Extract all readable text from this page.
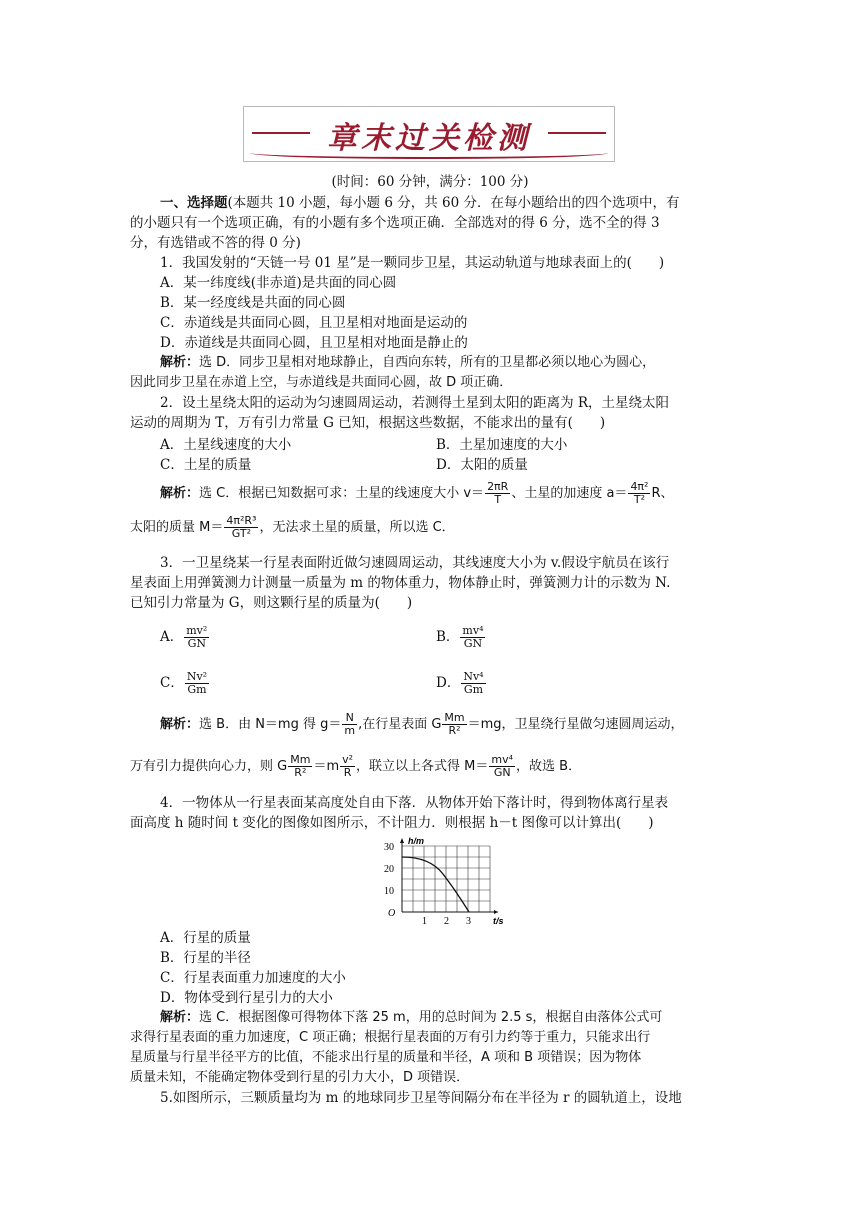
章末过关检测
(时间：60 分钟，满分：100 分)
一、选择题(本题共 10 小题，每小题 6 分，共 60 分．在每小题给出的四个选项中，有
的小题只有一个选项正确，有的小题有多个选项正确．全部选对的得 6 分，选不全的得 3
分，有选错或不答的得 0 分)
1．我国发射的“天链一号 01 星”是一颗同步卫星，其运动轨道与地球表面上的(　　)
A．某一纬度线(非赤道)是共面的同心圆
B．某一经度线是共面的同心圆
C．赤道线是共面同心圆，且卫星相对地面是运动的
D．赤道线是共面同心圆，且卫星相对地面是静止的
解析：选 D．同步卫星相对地球静止，自西向东转，所有的卫星都必须以地心为圆心，
因此同步卫星在赤道上空，与赤道线是共面同心圆，故 D 项正确．
2．设土星绕太阳的运动为匀速圆周运动，若测得土星到太阳的距离为 R，土星绕太阳
运动的周期为 T，万有引力常量 G 已知，根据这些数据，不能求出的量有(　　)
A．土星线速度的大小	B．土星加速度的大小
C．土星的质量	D．太阳的质量
解析：选 C．根据已知数据可求：土星的线速度大小 $v= \frac{2\pi R}{T}$ 、土星的加速度 $a= \frac{\text{4π²}}{\text{T²}}$ R、
太阳的质量 $M= \frac{\text{4π²R³}}{\text{GT²}}$ ，无法求土星的质量，所以选 C．
3．一卫星绕某一行星表面附近做匀速圆周运动，其线速度大小为 v.假设宇航员在该行
星表面上用弹簧测力计测量一质量为 m 的物体重力，物体静止时，弹簧测力计的示数为 N.
已知引力常量为 G，则这颗行星的质量为(　　)
A． $\frac{\text{mv²}}{GN}$	B． $\frac{\text{mv⁴}}{GN}$
C． $\frac{\text{Nv²}}{Gm}$	D． $\frac{\text{Nv⁴}}{Gm}$
解析：选 B．由 N＝mg 得 $g= \frac{N}{m}$ ,在行星表面 G $\frac{Mm}{\text{R²}} =mg$，卫星绕行星做匀速圆周运动，
万有引力提供向心力，则 G $\frac{Mm}{\text{R²}} =m \frac{\text{v²}}{R}$ ，联立以上各式得 $M= \frac{\text{mv⁴}}{GN}$ ，故选 B．
4．一物体从一行星表面某高度处自由下落．从物体开始下落计时，得到物体离行星表
面高度 h 随时间 t 变化的图像如图所示，不计阻力．则根据 h－t 图像可以计算出(　　)
h/m
t/s
O
30
20
10
1 2 3
A．行星的质量
B．行星的半径
C．行星表面重力加速度的大小
D．物体受到行星引力的大小
解析：选 C．根据图像可得物体下落 25 m，用的总时间为 2.5 s，根据自由落体公式可
求得行星表面的重力加速度，C 项正确；根据行星表面的万有引力约等于重力，只能求出行
星质量与行星半径平方的比值，不能求出行星的质量和半径，A 项和 B 项错误；因为物体
质量未知，不能确定物体受到行星的引力大小，D 项错误．
5.如图所示，三颗质量均为 m 的地球同步卫星等间隔分布在半径为 r 的圆轨道上，设地
